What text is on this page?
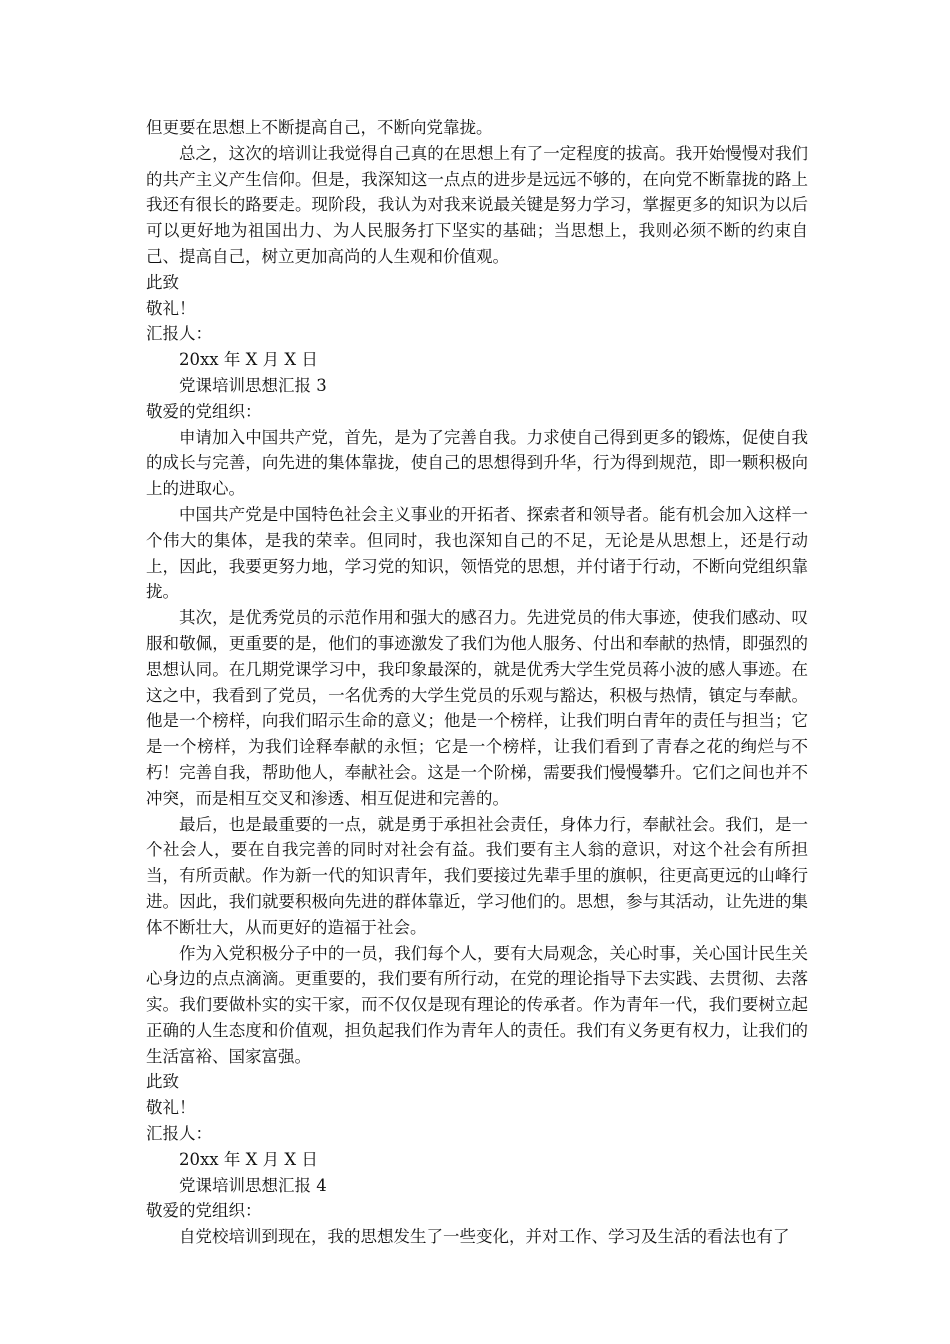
但更要在思想上不断提高自己，不断向党靠拢。

总之，这次的培训让我觉得自己真的在思想上有了一定程度的拔高。我开始慢慢对我们的共产主义产生信仰。但是，我深知这一点点的进步是远远不够的，在向党不断靠拢的路上我还有很长的路要走。现阶段，我认为对我来说最关键是努力学习，掌握更多的知识为以后可以更好地为祖国出力、为人民服务打下坚实的基础；当思想上，我则必须不断的约束自己、提高自己，树立更加高尚的人生观和价值观。

此致

敬礼！

汇报人：

20xx 年 X 月 X 日

党课培训思想汇报 3

敬爱的党组织：

申请加入中国共产党，首先，是为了完善自我。力求使自己得到更多的锻炼，促使自我的成长与完善，向先进的集体靠拢，使自己的思想得到升华，行为得到规范，即一颗积极向上的进取心。

中国共产党是中国特色社会主义事业的开拓者、探索者和领导者。能有机会加入这样一个伟大的集体，是我的荣幸。但同时，我也深知自己的不足，无论是从思想上，还是行动上，因此，我要更努力地，学习党的知识，领悟党的思想，并付诸于行动，不断向党组织靠拢。

其次，是优秀党员的示范作用和强大的感召力。先进党员的伟大事迹，使我们感动、叹服和敬佩，更重要的是，他们的事迹激发了我们为他人服务、付出和奉献的热情，即强烈的思想认同。在几期党课学习中，我印象最深的，就是优秀大学生党员蒋小波的感人事迹。在这之中，我看到了党员，一名优秀的大学生党员的乐观与豁达，积极与热情，镇定与奉献。他是一个榜样，向我们昭示生命的意义；他是一个榜样，让我们明白青年的责任与担当；它是一个榜样，为我们诠释奉献的永恒；它是一个榜样，让我们看到了青春之花的绚烂与不朽！完善自我，帮助他人，奉献社会。这是一个阶梯，需要我们慢慢攀升。它们之间也并不冲突，而是相互交叉和渗透、相互促进和完善的。

最后，也是最重要的一点，就是勇于承担社会责任，身体力行，奉献社会。我们，是一个社会人，要在自我完善的同时对社会有益。我们要有主人翁的意识，对这个社会有所担当，有所贡献。作为新一代的知识青年，我们要接过先辈手里的旗帜，往更高更远的山峰行进。因此，我们就要积极向先进的群体靠近，学习他们的。思想，参与其活动，让先进的集体不断壮大，从而更好的造福于社会。

作为入党积极分子中的一员，我们每个人，要有大局观念，关心时事，关心国计民生关心身边的点点滴滴。更重要的，我们要有所行动，在党的理论指导下去实践、去贯彻、去落实。我们要做朴实的实干家，而不仅仅是现有理论的传承者。作为青年一代，我们要树立起正确的人生态度和价值观，担负起我们作为青年人的责任。我们有义务更有权力，让我们的生活富裕、国家富强。

此致

敬礼！

汇报人：

20xx 年 X 月 X 日

党课培训思想汇报 4

敬爱的党组织：

自党校培训到现在，我的思想发生了一些变化，并对工作、学习及生活的看法也有了
